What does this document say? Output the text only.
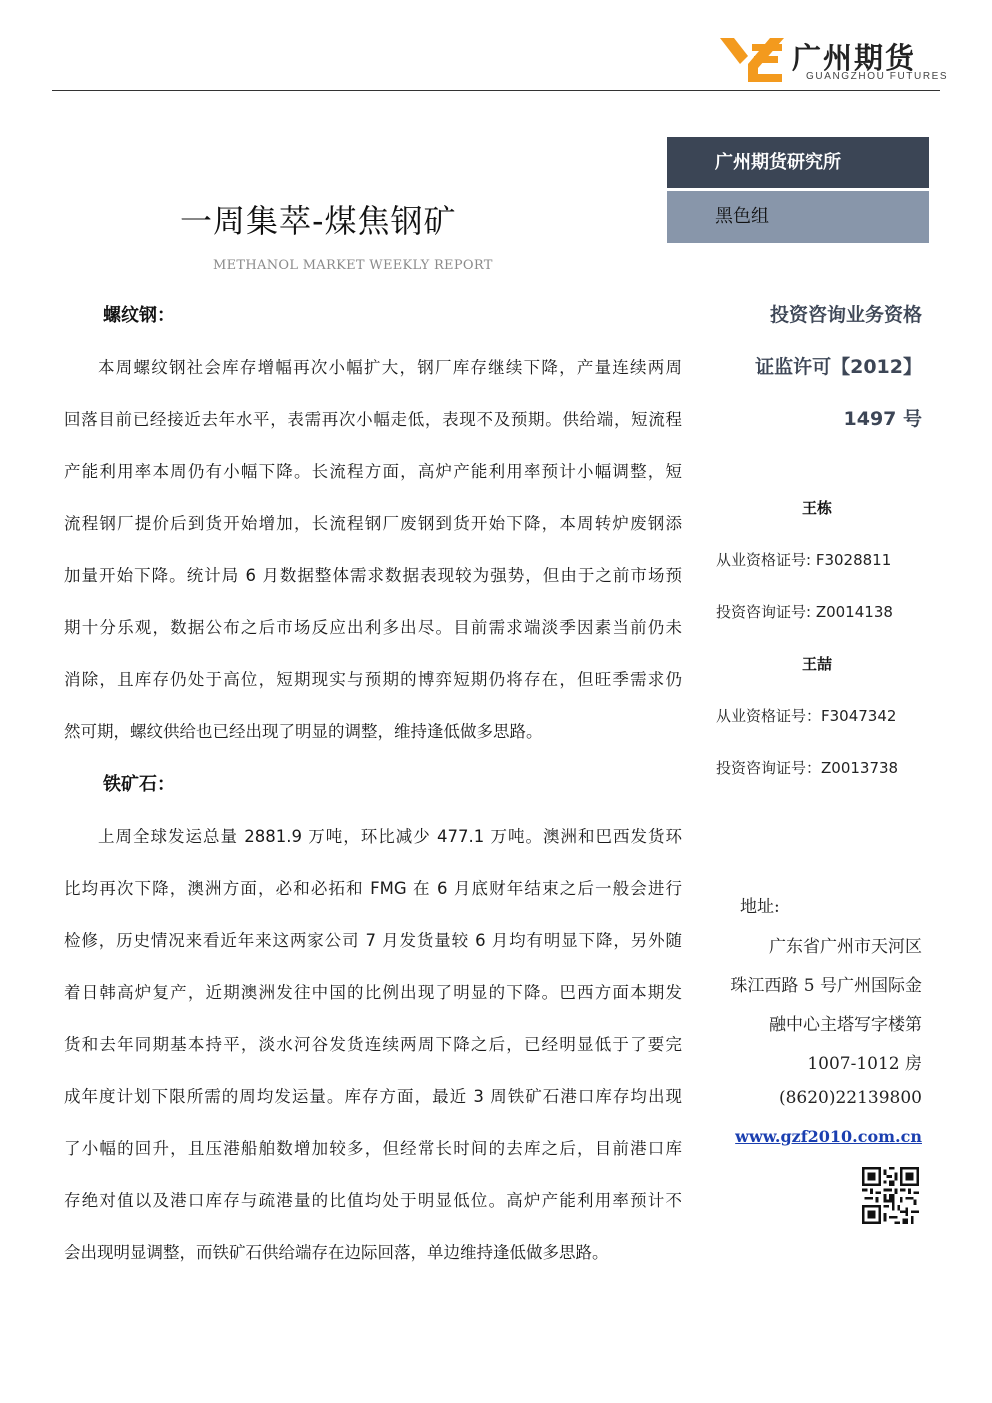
广州期货
GUANGZHOU FUTURES
一周集萃-煤焦钢矿
METHANOL MARKET WEEKLY REPORT
广州期货研究所
黑色组
投资咨询业务资格
证监许可【2012】
1497 号
王栋
从业资格证号: F3028811
投资咨询证号: Z0014138
王喆
从业资格证号：F3047342
投资咨询证号：Z0013738
地址:
广东省广州市天河区
珠江西路 5 号广州国际金
融中心主塔写字楼第
1007-1012 房
(8620)22139800
www.gzf2010.com.cn
螺纹钢：
本周螺纹钢社会库存增幅再次小幅扩大，钢厂库存继续下降，产量连续两周
回落目前已经接近去年水平，表需再次小幅走低，表现不及预期。供给端，短流程
产能利用率本周仍有小幅下降。长流程方面，高炉产能利用率预计小幅调整，短
流程钢厂提价后到货开始增加，长流程钢厂废钢到货开始下降，本周转炉废钢添
加量开始下降。统计局 6 月数据整体需求数据表现较为强势，但由于之前市场预
期十分乐观，数据公布之后市场反应出利多出尽。目前需求端淡季因素当前仍未
消除，且库存仍处于高位，短期现实与预期的博弈短期仍将存在，但旺季需求仍
然可期，螺纹供给也已经出现了明显的调整，维持逢低做多思路。
铁矿石：
上周全球发运总量 2881.9 万吨，环比减少 477.1 万吨。澳洲和巴西发货环
比均再次下降，澳洲方面，必和必拓和 FMG 在 6 月底财年结束之后一般会进行
检修，历史情况来看近年来这两家公司 7 月发货量较 6 月均有明显下降，另外随
着日韩高炉复产，近期澳洲发往中国的比例出现了明显的下降。巴西方面本期发
货和去年同期基本持平，淡水河谷发货连续两周下降之后，已经明显低于了要完
成年度计划下限所需的周均发运量。库存方面，最近 3 周铁矿石港口库存均出现
了小幅的回升，且压港船舶数增加较多，但经常长时间的去库之后，目前港口库
存绝对值以及港口库存与疏港量的比值均处于明显低位。高炉产能利用率预计不
会出现明显调整，而铁矿石供给端存在边际回落，单边维持逢低做多思路。
